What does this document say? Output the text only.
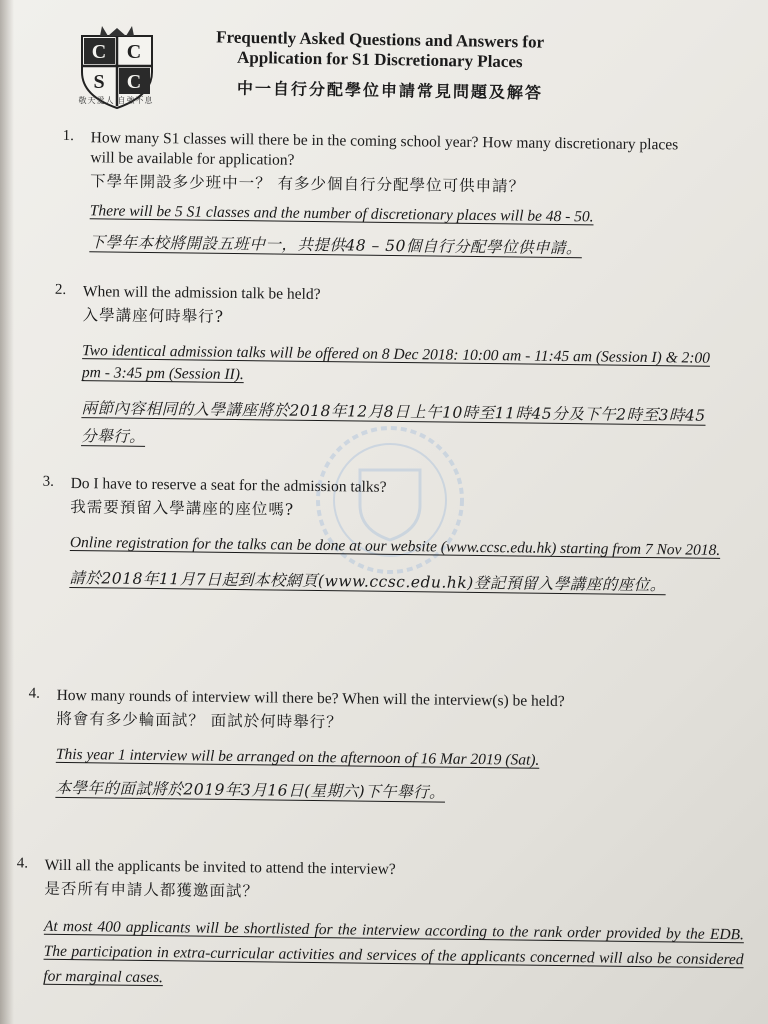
C C
S C
敬天愛人 自強不息
Frequently Asked Questions and Answers for
Application for S1 Discretionary Places
中一自行分配學位申請常見問題及解答
1. How many S1 classes will there be in the coming school year? How many discretionary places will be available for application?
下學年開設多少班中一？ 有多少個自行分配學位可供申請？
There will be 5 S1 classes and the number of discretionary places will be 48 - 50.
下學年本校將開設五班中一，共提供48 – 50個自行分配學位供申請。
2. When will the admission talk be held?
入學講座何時舉行?
Two identical admission talks will be offered on 8 Dec 2018: 10:00 am - 11:45 am (Session I) & 2:00 pm - 3:45 pm (Session II).
兩節內容相同的入學講座將於2018年12月8日上午10時至11時45分及下午2時至3時45分舉行。
3. Do I have to reserve a seat for the admission talks?
我需要預留入學講座的座位嗎?
Online registration for the talks can be done at our website (www.ccsc.edu.hk) starting from 7 Nov 2018.
請於2018年11月7日起到本校網頁(www.ccsc.edu.hk)登記預留入學講座的座位。
4. How many rounds of interview will there be? When will the interview(s) be held?
將會有多少輪面試？ 面試於何時舉行？
This year 1 interview will be arranged on the afternoon of 16 Mar 2019 (Sat).
本學年的面試將於2019年3月16日(星期六)下午舉行。
4. Will all the applicants be invited to attend the interview?
是否所有申請人都獲邀面試？
At most 400 applicants will be shortlisted for the interview according to the rank order provided by the EDB. The participation in extra-curricular activities and services of the applicants concerned will also be considered for marginal cases.
